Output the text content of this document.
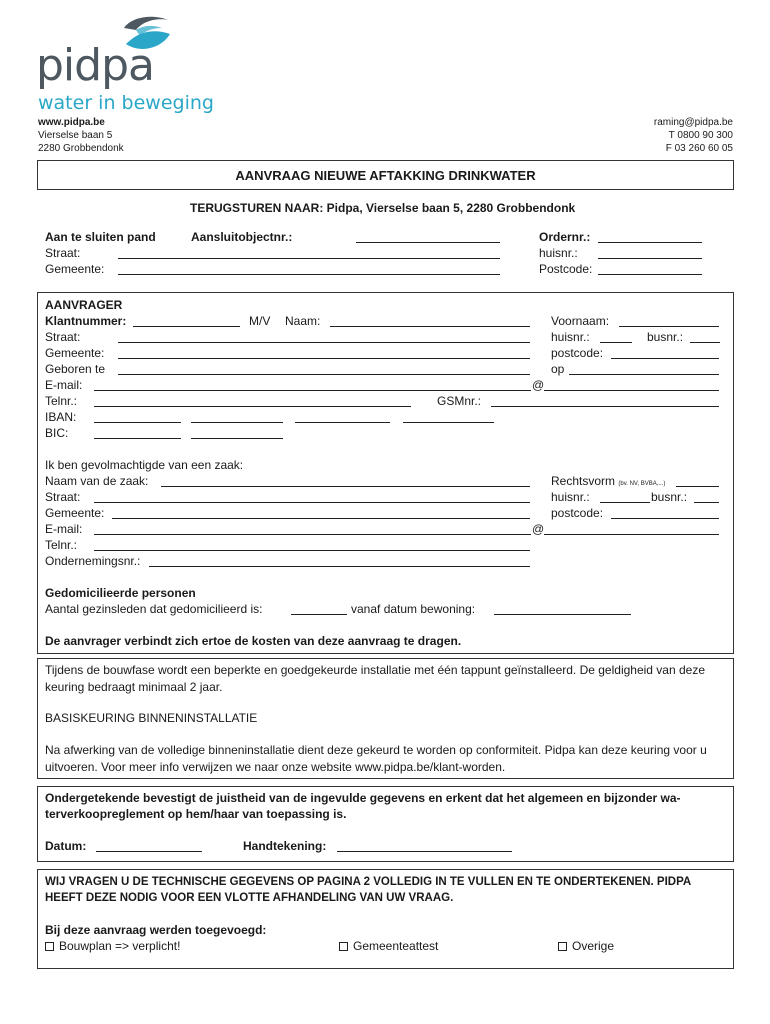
pidpa
water in beweging
www.pidpa.be
Vierselse baan 5
2280 Grobbendonk
raming@pidpa.be
T 0800 90 300
F 03 260 60 05
AANVRAAG NIEUWE AFTAKKING DRINKWATER
TERUGSTUREN NAAR: Pidpa, Vierselse baan 5, 2280 Grobbendonk
Aan te sluiten pand	Aansluitobjectnr.:	Ordernr.:
Straat:	huisnr.:
Gemeente:	Postcode:
AANVRAGER
Klantnummer:	M/V Naam:	Voornaam:
Straat:	huisnr.:	busnr.:
Gemeente:	postcode:
Geboren te	op
E-mail:	@
Telnr.:	GSMnr.:
IBAN:
BIC:
Ik ben gevolmachtigde van een zaak:
Naam van de zaak:	Rechtsvorm (bv. NV, BVBA,...)
Straat:	huisnr.:	busnr.:
Gemeente:	postcode:
E-mail:	@
Telnr.:
Ondernemingsnr.:
Gedomicilieerde personen
Aantal gezinsleden dat gedomicilieerd is:	vanaf datum bewoning:
De aanvrager verbindt zich ertoe de kosten van deze aanvraag te dragen.
Tijdens de bouwfase wordt een beperkte en goedgekeurde installatie met één tappunt geïnstalleerd. De geldigheid van deze keuring bedraagt minimaal 2 jaar.
BASISKEURING BINNENINSTALLATIE
Na afwerking van de volledige binneninstallatie dient deze gekeurd te worden op conformiteit. Pidpa kan deze keuring voor u uitvoeren. Voor meer info verwijzen we naar onze website www.pidpa.be/klant-worden.
Ondergetekende bevestigt de juistheid van de ingevulde gegevens en erkent dat het algemeen en bijzonder wa-
terverkoopreglement op hem/haar van toepassing is.
Datum:	Handtekening:
WIJ VRAGEN U DE TECHNISCHE GEGEVENS OP PAGINA 2 VOLLEDIG IN TE VULLEN EN TE ONDERTEKENEN. PIDPA
HEEFT DEZE NODIG VOOR EEN VLOTTE AFHANDELING VAN UW VRAAG.
Bij deze aanvraag werden toegevoegd:
Bouwplan => verplicht!	Gemeenteattest	Overige
